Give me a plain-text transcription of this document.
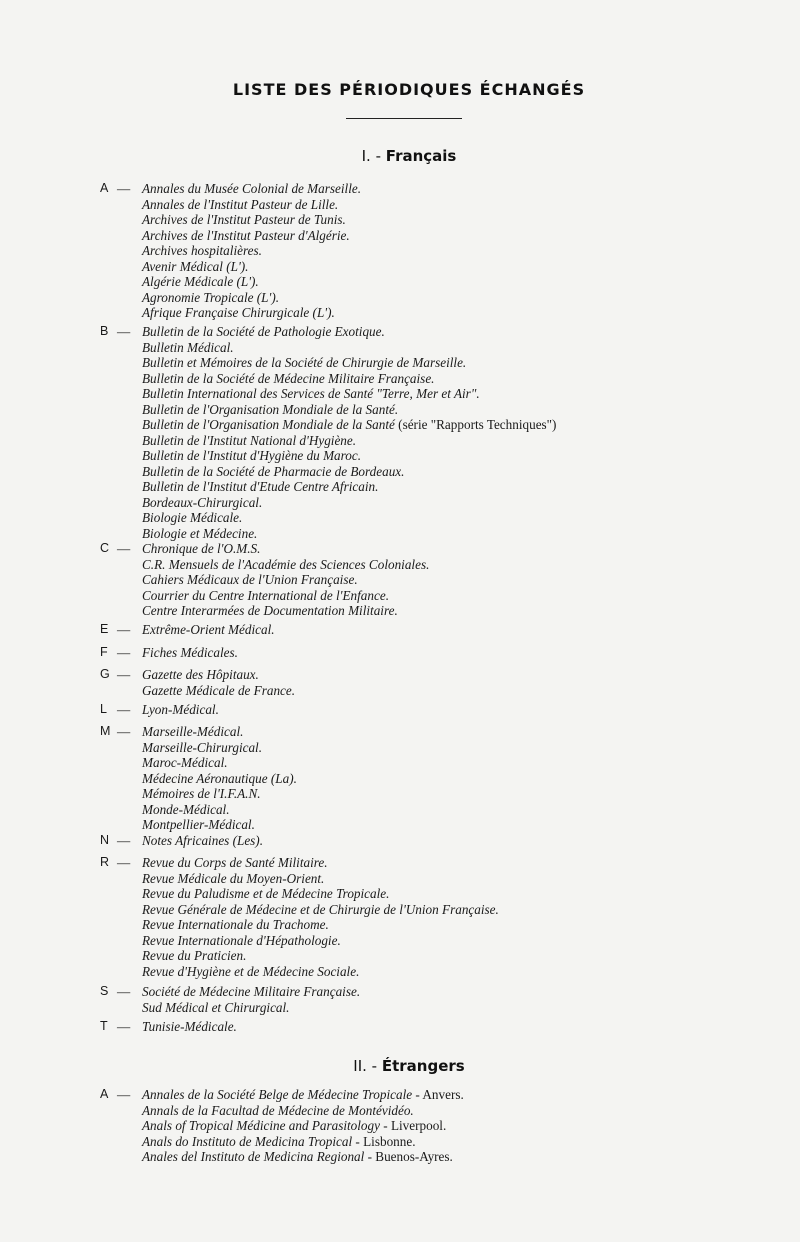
LISTE DES PÉRIODIQUES ÉCHANGÉS
I. - Français
A — Annales du Musée Colonial de Marseille.
Annales de l'Institut Pasteur de Lille.
Archives de l'Institut Pasteur de Tunis.
Archives de l'Institut Pasteur d'Algérie.
Archives hospitalières.
Avenir Médical (L').
Algérie Médicale (L').
Agronomie Tropicale (L').
Afrique Française Chirurgicale (L').
B — Bulletin de la Société de Pathologie Exotique.
Bulletin Médical.
Bulletin et Mémoires de la Société de Chirurgie de Marseille.
Bulletin de la Société de Médecine Militaire Française.
Bulletin International des Services de Santé "Terre, Mer et Air".
Bulletin de l'Organisation Mondiale de la Santé.
Bulletin de l'Organisation Mondiale de la Santé (série "Rapports Techniques")
Bulletin de l'Institut National d'Hygiène.
Bulletin de l'Institut d'Hygiène du Maroc.
Bulletin de la Société de Pharmacie de Bordeaux.
Bulletin de l'Institut d'Etude Centre Africain.
Bordeaux-Chirurgical.
Biologie Médicale.
Biologie et Médecine.
C — Chronique de l'O.M.S.
C.R. Mensuels de l'Académie des Sciences Coloniales.
Cahiers Médicaux de l'Union Française.
Courrier du Centre International de l'Enfance.
Centre Interarmées de Documentation Militaire.
E — Extrême-Orient Médical.
F — Fiches Médicales.
G — Gazette des Hôpitaux.
Gazette Médicale de France.
L — Lyon-Médical.
M — Marseille-Médical.
Marseille-Chirurgical.
Maroc-Médical.
Médecine Aéronautique (La).
Mémoires de l'I.F.A.N.
Monde-Médical.
Montpellier-Médical.
N — Notes Africaines (Les).
R — Revue du Corps de Santé Militaire.
Revue Médicale du Moyen-Orient.
Revue du Paludisme et de Médecine Tropicale.
Revue Générale de Médecine et de Chirurgie de l'Union Française.
Revue Internationale du Trachome.
Revue Internationale d'Hépathologie.
Revue du Praticien.
Revue d'Hygiène et de Médecine Sociale.
S — Société de Médecine Militaire Française.
Sud Médical et Chirurgical.
T — Tunisie-Médicale.
II. - Étrangers
A — Annales de la Société Belge de Médecine Tropicale - Anvers.
Annals de la Facultad de Médecine de Montévidéo.
Anals of Tropical Médicine and Parasitology - Liverpool.
Anals do Instituto de Medicina Tropical - Lisbonne.
Anales del Instituto de Medicina Regional - Buenos-Ayres.
